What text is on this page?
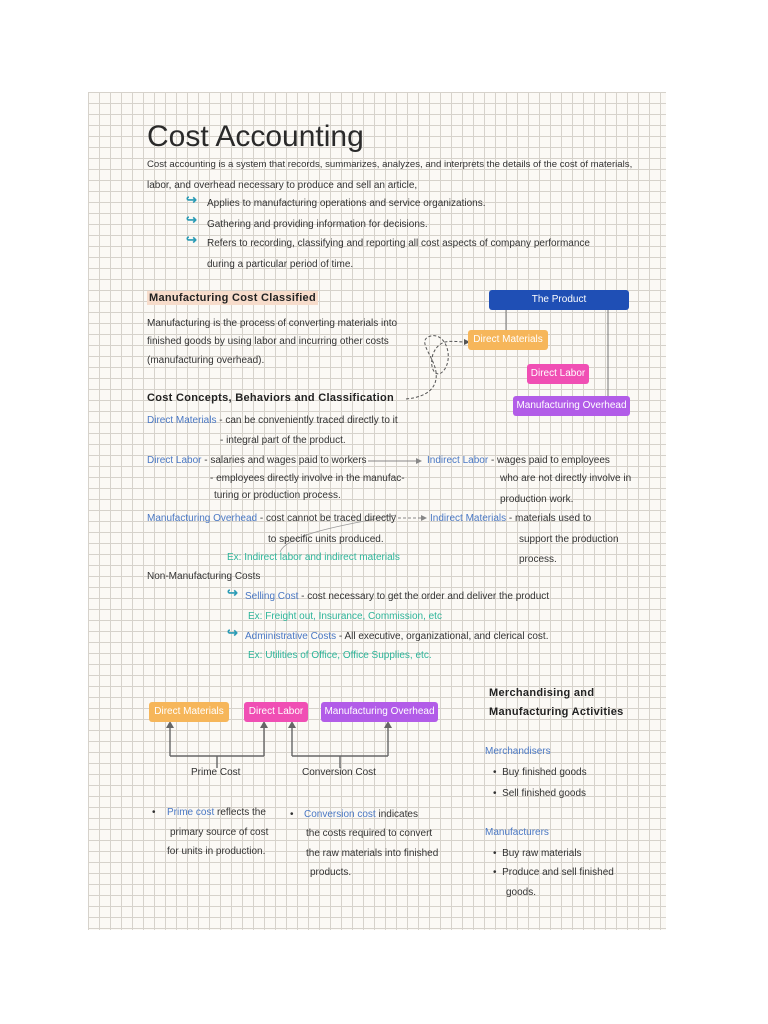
Cost Accounting
Cost accounting is a system that records, summarizes, analyzes, and interprets the details of the cost of materials,
labor, and overhead necessary to produce and sell an article,
↪ Applies to manufacturing operations and service organizations.
↪ Gathering and providing information for decisions.
↪ Refers to recording, classifying and reporting all cost aspects of company performance
during a particular period of time.
Manufacturing Cost Classified
Manufacturing is the process of converting materials into
finished goods by using labor and incurring other costs
(manufacturing overhead).
The Product
Direct Materials
Direct Labor
Manufacturing Overhead
Cost Concepts, Behaviors and Classification
Direct Materials - can be conveniently traced directly to it
- integral part of the product.
Direct Labor - salaries and wages paid to workers
- employees directly involve in the manufac-
turing or production process.
Indirect Labor - wages paid to employees
who are not directly involve in
production work.
Manufacturing Overhead - cost cannot be traced directly
to specific units produced.
Ex: Indirect labor and indirect materials
Indirect Materials - materials used to
support the production
process.
Non-Manufacturing Costs
↪ Selling Cost - cost necessary to get the order and deliver the product
Ex: Freight out, Insurance, Commission, etc
↪ Administrative Costs - All executive, organizational, and clerical cost.
Ex: Utilities of Office, Office Supplies, etc.
Direct Materials	Direct Labor	Manufacturing Overhead
Prime Cost	Conversion Cost
• Prime cost reflects the
primary source of cost
for units in production.
• Conversion cost indicates
the costs required to convert
the raw materials into finished
products.
Merchandising and
Manufacturing Activities
Merchandisers
• Buy finished goods
• Sell finished goods
Manufacturers
• Buy raw materials
• Produce and sell finished
goods.
